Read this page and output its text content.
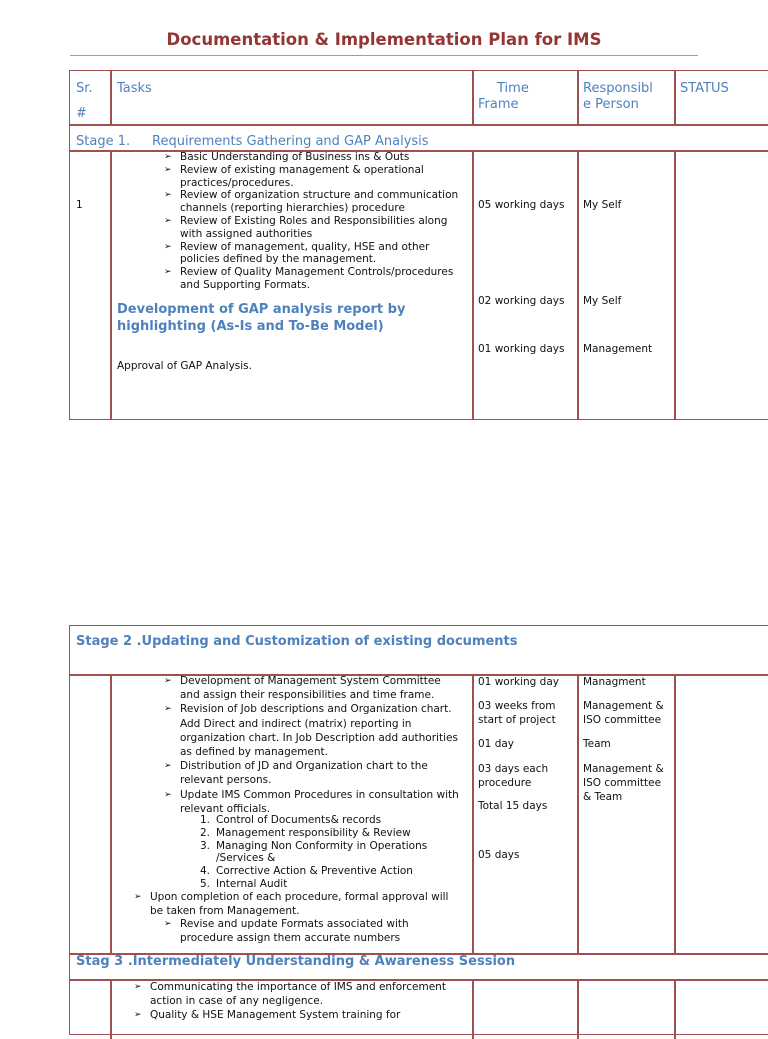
Documentation & Implementation Plan for IMS
Sr.
#
Tasks	Time
Frame
Responsibl
e Person
STATUS
Stage 1. Requirements Gathering and GAP Analysis
1
➢ Basic Understanding of Business ins & Outs
➢ Review of existing management & operational
practices/procedures.
➢ Review of organization structure and communication
channels (reporting hierarchies) procedure
➢ Review of Existing Roles and Responsibilities along
with assigned authorities
➢ Review of management, quality, HSE and other
policies defined by the management.
➢ Review of Quality Management Controls/procedures
and Supporting Formats.
Development of GAP analysis report by
highlighting (As-Is and To-Be Model)
Approval of GAP Analysis.
05 working days
02 working days
01 working days
My Self
My Self
Management
Stage 2 .Updating and Customization of existing documents
➢ Development of Management System Committee
and assign their responsibilities and time frame.
➢ Revision of Job descriptions and Organization chart.
Add Direct and indirect (matrix) reporting in
organization chart. In Job Description add authorities
as defined by management.
➢ Distribution of JD and Organization chart to the
relevant persons.
➢ Update IMS Common Procedures in consultation with
relevant officials.
1. Control of Documents& records
2. Management responsibility & Review
3. Managing Non Conformity in Operations
/Services &
4. Corrective Action & Preventive Action
5. Internal Audit
➢ Upon completion of each procedure, formal approval will
be taken from Management.
➢ Revise and update Formats associated with
procedure assign them accurate numbers
01 working day
03 weeks from
start of project
01 day
03 days each
procedure
Total 15 days
05 days
Managment
Management &
ISO committee
Team
Management &
ISO committee
& Team
Stag 3 .Intermediately Understanding & Awareness Session
➢ Communicating the importance of IMS and enforcement
action in case of any negligence.
➢ Quality & HSE Management System training for
